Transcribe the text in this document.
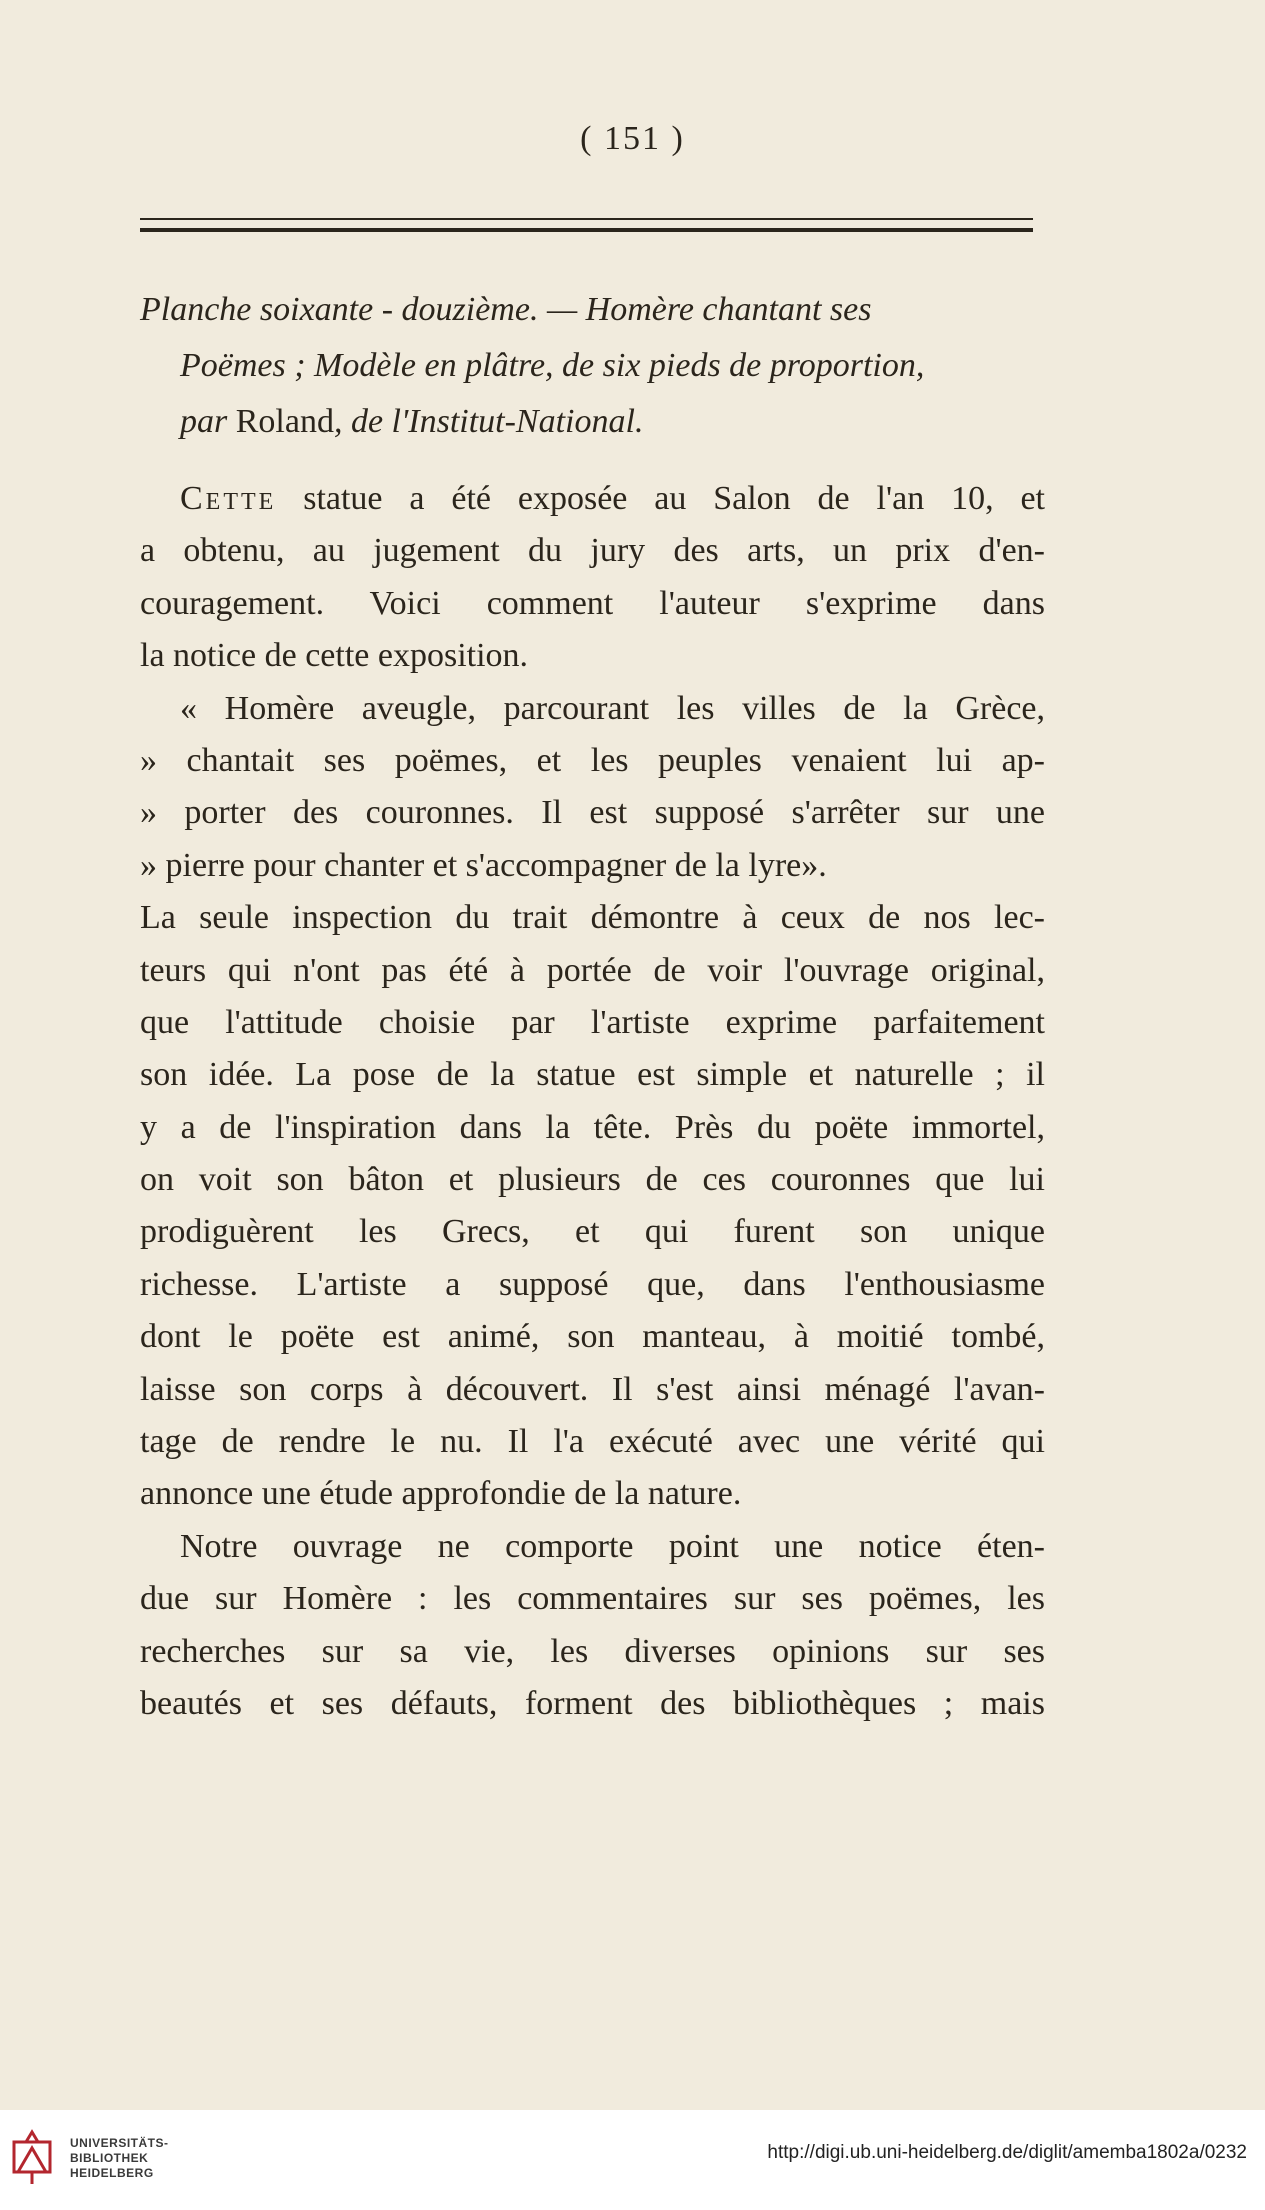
( 151 )
Planche soixante - douzième. — Homère chantant ses
Poëmes ; Modèle en plâtre, de six pieds de proportion,
par Roland, de l'Institut-National.
Cette statue a été exposée au Salon de l'an 10, et
a obtenu, au jugement du jury des arts, un prix d'en-
couragement. Voici comment l'auteur s'exprime dans
la notice de cette exposition.
« Homère aveugle, parcourant les villes de la Grèce,
» chantait ses poëmes, et les peuples venaient lui ap-
» porter des couronnes. Il est supposé s'arrêter sur une
» pierre pour chanter et s'accompagner de la lyre».
La seule inspection du trait démontre à ceux de nos lec-
teurs qui n'ont pas été à portée de voir l'ouvrage original,
que l'attitude choisie par l'artiste exprime parfaitement
son idée. La pose de la statue est simple et naturelle ; il
y a de l'inspiration dans la tête. Près du poëte immortel,
on voit son bâton et plusieurs de ces couronnes que lui
prodiguèrent les Grecs, et qui furent son unique
richesse. L'artiste a supposé que, dans l'enthousiasme
dont le poëte est animé, son manteau, à moitié tombé,
laisse son corps à découvert. Il s'est ainsi ménagé l'avan-
tage de rendre le nu. Il l'a exécuté avec une vérité qui
annonce une étude approfondie de la nature.
Notre ouvrage ne comporte point une notice éten-
due sur Homère : les commentaires sur ses poëmes, les
recherches sur sa vie, les diverses opinions sur ses
beautés et ses défauts, forment des bibliothèques ; mais
UNIVERSITÄTS-
BIBLIOTHEK
HEIDELBERG
http://digi.ub.uni-heidelberg.de/diglit/amemba1802a/0232
